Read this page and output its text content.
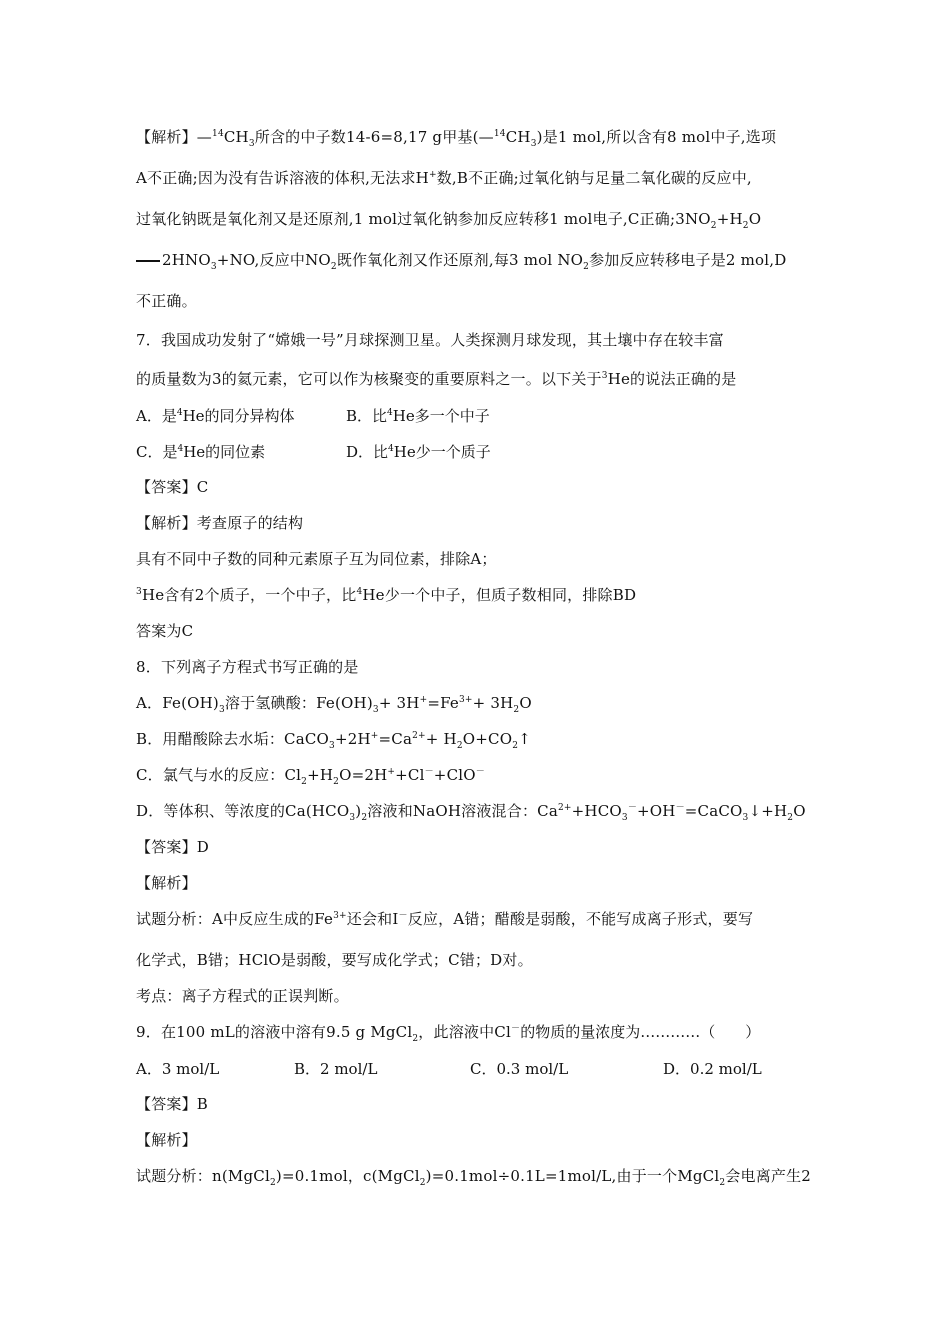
【解析】$—^{14}CH_3$所含的中子数14-6=8,17 g甲基$(—^{14}CH_3)$是1 mol,所以含有8 mol中子,选项
A不正确;因为没有告诉溶液的体积,无法求H+数,B不正确;过氧化钠与足量二氧化碳的反应中,
过氧化钠既是氧化剂又是还原剂,1 mol过氧化钠参加反应转移1 mol电子,C正确$;3NO_2+H_2O$
$2HNO_3+NO$,反应中$NO_2$既作氧化剂又作还原剂,每3 mol $NO_2$参加反应转移电子是2 mol,D
不正确。
7．我国成功发射了“嫦娥一号”月球探测卫星。人类探测月球发现，其土壤中存在较丰富
的质量数为3的氦元素，它可以作为核聚变的重要原料之一。以下关于$^3$He的说法正确的是
A．是$^4$He的同分异构体	B．比$^4$He多一个中子
C．是$^4$He的同位素	D．比$^4$He少一个质子
【答案】C
【解析】考查原子的结构
具有不同中子数的同种元素原子互为同位素，排除A；
$^3$He含有2个质子，一个中子，比$^4$He少一个中子，但质子数相同，排除BD
答案为C
8．下列离子方程式书写正确的是
A．$Fe(OH)_3$溶于氢碘酸：$Fe(OH)_3+ 3H^+=Fe^{3+}+ 3H_2O$
B．用醋酸除去水垢：$CaCO_3+2H^+=Ca^{2+}+$ $H_2O+CO_2↑$
C．氯气与水的反应：$Cl_2+H_2O=2H^++Cl^-+ClO^-$
D．等体积、等浓度的$Ca(HCO_3)_2$溶液和NaOH溶液混合：$Ca^{2+}+HCO_3^-+OH^-=CaCO_3↓+H_2O$
【答案】D
【解析】
试题分析：A中反应生成的$Fe^{3+}$还会和I－反应，A错；醋酸是弱酸，不能写成离子形式，要写
化学式，B错；HClO是弱酸，要写成化学式；C错；D对。
考点：离子方程式的正误判断。
9．在100 mL的溶液中溶有9.5 g MgCl$_2$，此溶液中Cl－的物质的量浓度为…………（　　）
A．3 mol/L	B．2 mol/L	C．0.3 mol/L	D．0.2 mol/L
【答案】B
【解析】
试题分析：n(MgCl$_2$)=0.1mol，c(MgCl$_2$)=0.1mol÷0.1L=1mol/L,由于一个MgCl$_2$会电离产生2
